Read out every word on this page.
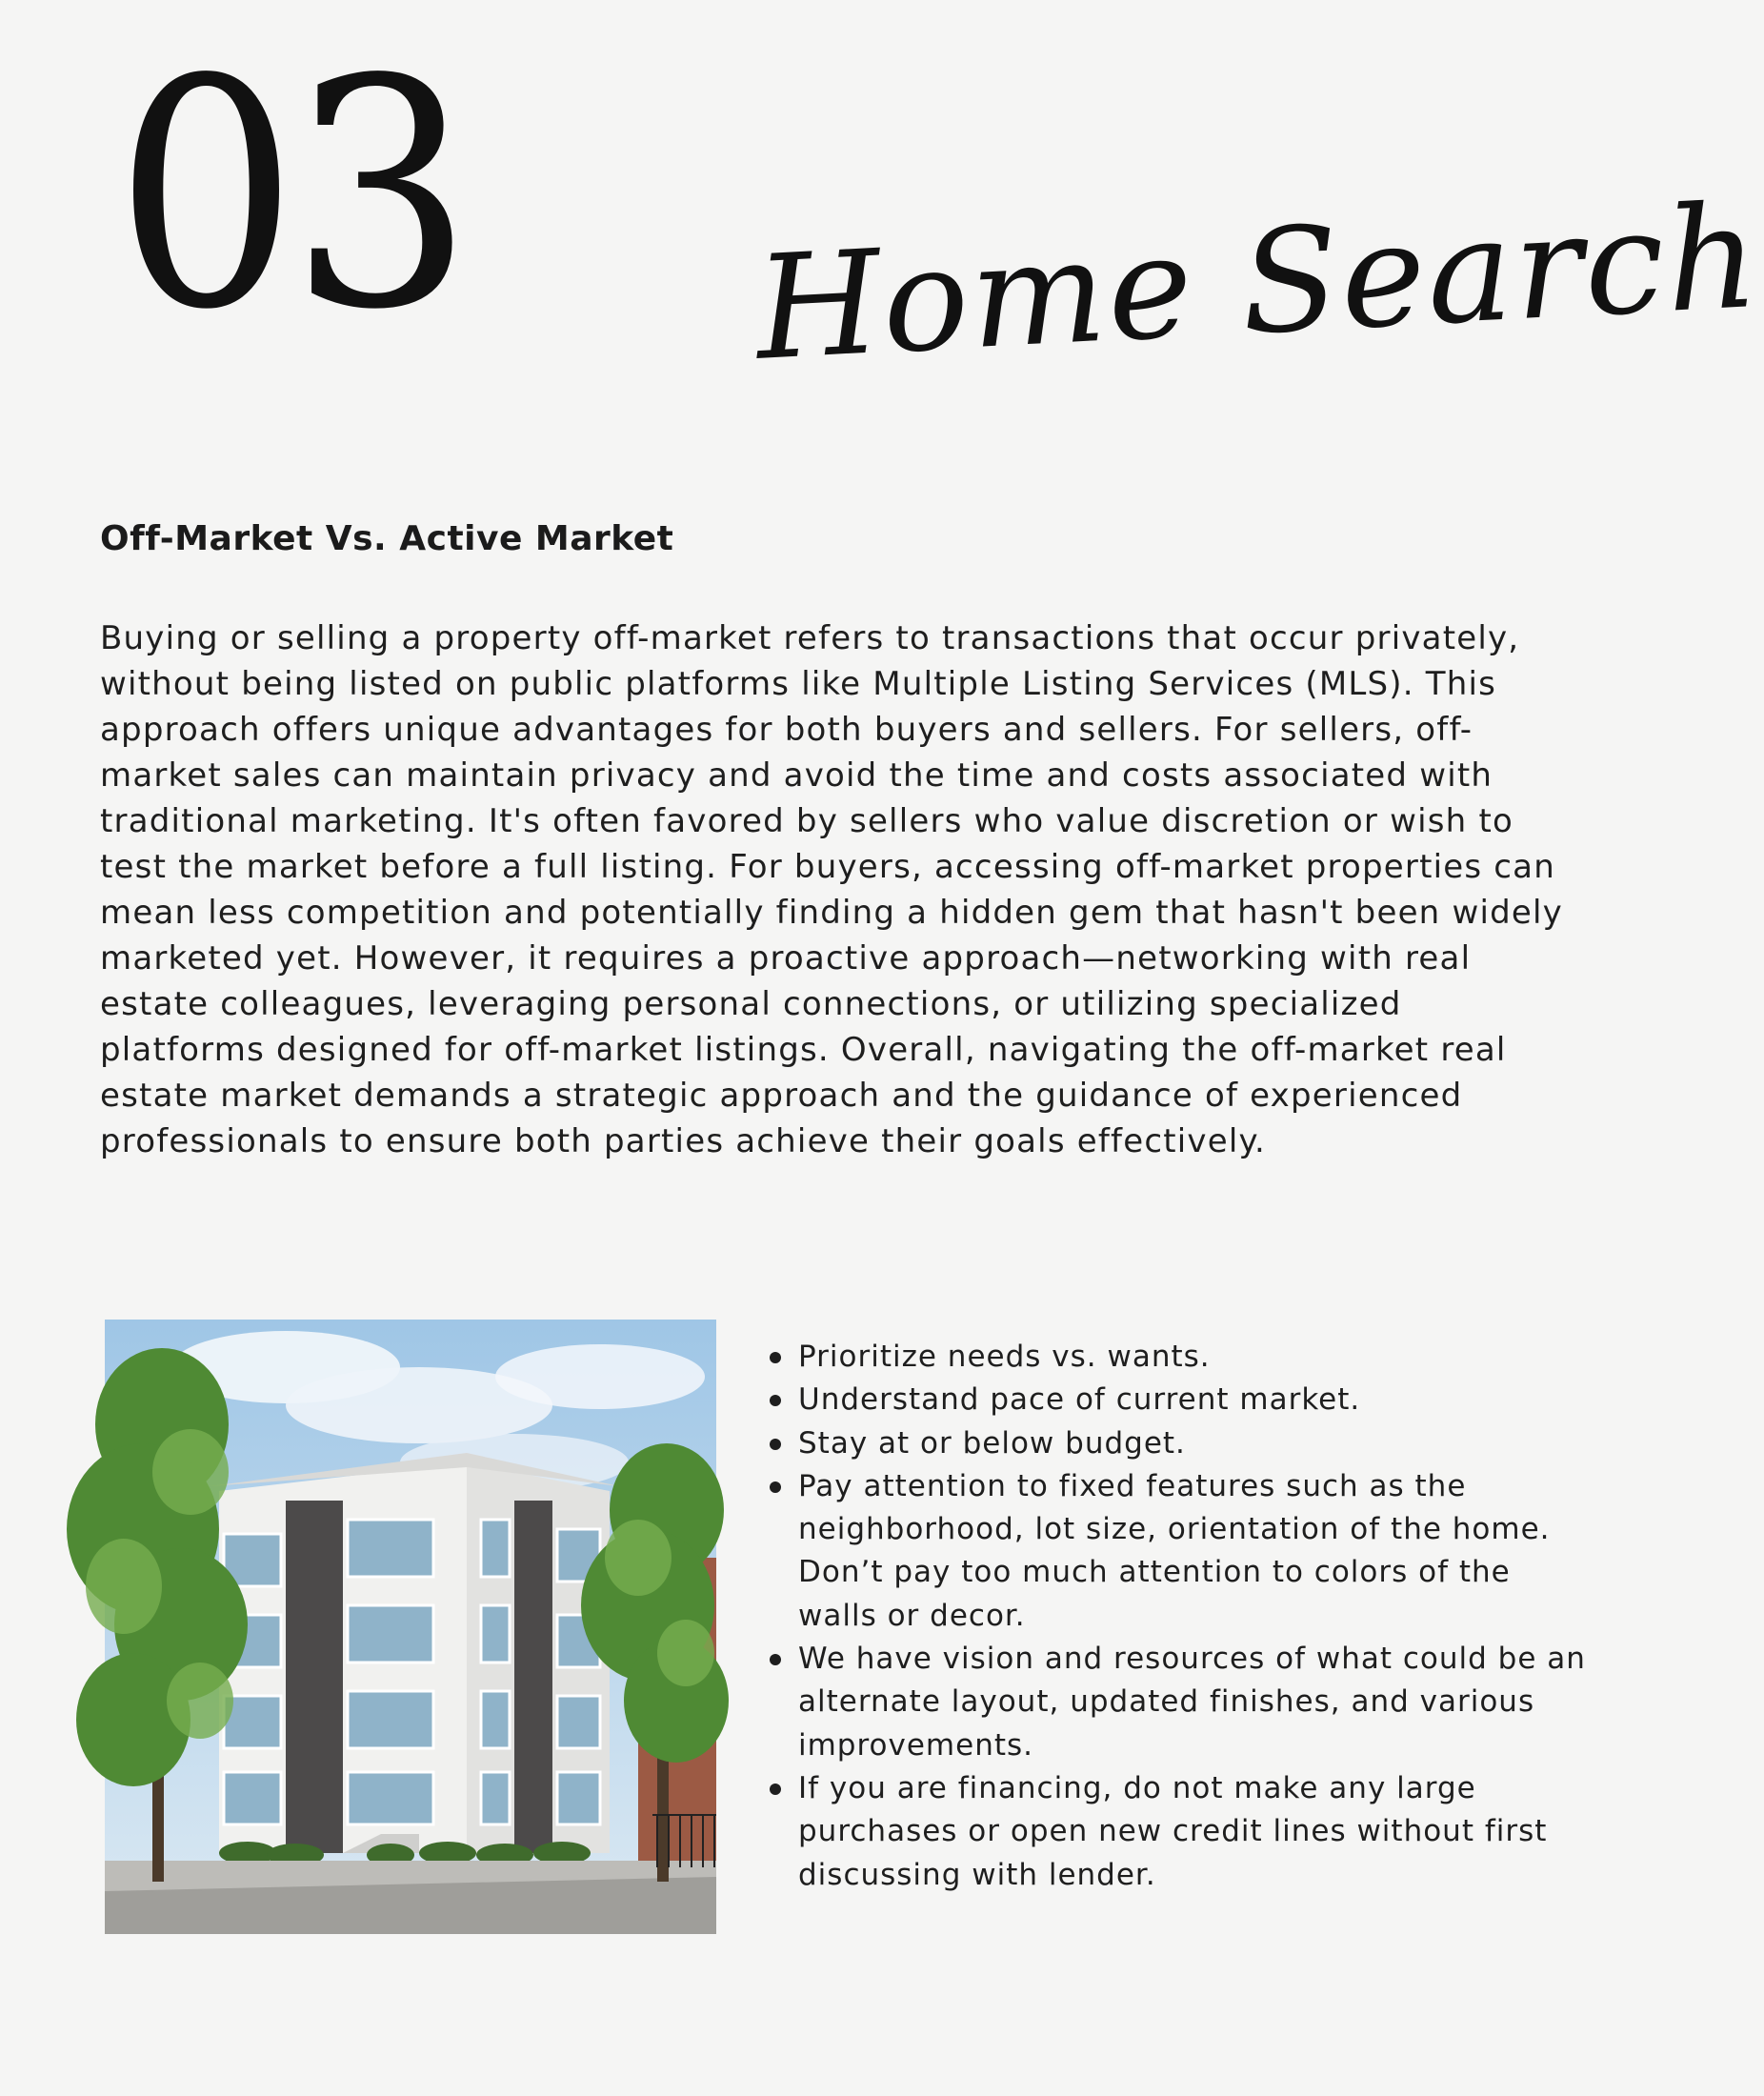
03 Home Search
Off-Market Vs. Active Market

Buying or selling a property off-market refers to transactions that occur privately, without being listed on public platforms like Multiple Listing Services (MLS). This approach offers unique advantages for both buyers and sellers. For sellers, off-market sales can maintain privacy and avoid the time and costs associated with traditional marketing. It's often favored by sellers who value discretion or wish to test the market before a full listing. For buyers, accessing off-market properties can mean less competition and potentially finding a hidden gem that hasn't been widely marketed yet. However, it requires a proactive approach—networking with real estate colleagues, leveraging personal connections, or utilizing specialized platforms designed for off-market listings. Overall, navigating the off-market real estate market demands a strategic approach and the guidance of experienced professionals to ensure both parties achieve their goals effectively.

Prioritize needs vs. wants.
Understand pace of current market.
Stay at or below budget.
Pay attention to fixed features such as the neighborhood, lot size, orientation of the home. Don’t pay too much attention to colors of the walls or decor.
We have vision and resources of what could be an alternate layout, updated finishes, and various improvements.
If you are financing, do not make any large purchases or open new credit lines without first discussing with lender.
